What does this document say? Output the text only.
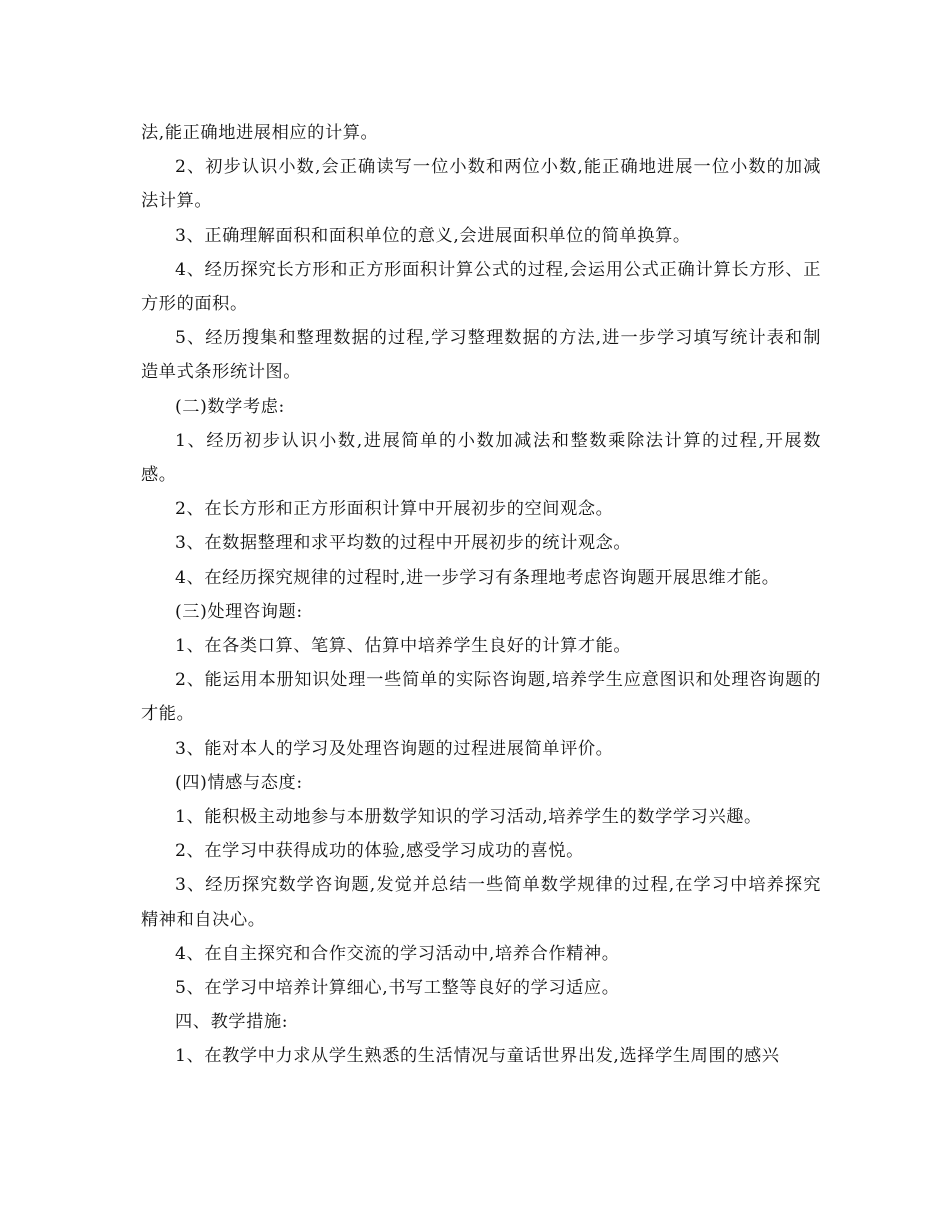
法,能正确地进展相应的计算。

2、初步认识小数,会正确读写一位小数和两位小数,能正确地进展一位小数的加减法计算。

3、正确理解面积和面积单位的意义,会进展面积单位的简单换算。

4、经历探究长方形和正方形面积计算公式的过程,会运用公式正确计算长方形、正方形的面积。

5、经历搜集和整理数据的过程,学习整理数据的方法,进一步学习填写统计表和制造单式条形统计图。

(二)数学考虑:

1、经历初步认识小数,进展简单的小数加减法和整数乘除法计算的过程,开展数感。

2、在长方形和正方形面积计算中开展初步的空间观念。

3、在数据整理和求平均数的过程中开展初步的统计观念。

4、在经历探究规律的过程时,进一步学习有条理地考虑咨询题开展思维才能。

(三)处理咨询题:

1、在各类口算、笔算、估算中培养学生良好的计算才能。

2、能运用本册知识处理一些简单的实际咨询题,培养学生应意图识和处理咨询题的才能。

3、能对本人的学习及处理咨询题的过程进展简单评价。

(四)情感与态度:

1、能积极主动地参与本册数学知识的学习活动,培养学生的数学学习兴趣。

2、在学习中获得成功的体验,感受学习成功的喜悦。

3、经历探究数学咨询题,发觉并总结一些简单数学规律的过程,在学习中培养探究精神和自决心。

4、在自主探究和合作交流的学习活动中,培养合作精神。

5、在学习中培养计算细心,书写工整等良好的学习适应。

四、教学措施:

1、在教学中力求从学生熟悉的生活情况与童话世界出发,选择学生周围的感兴
